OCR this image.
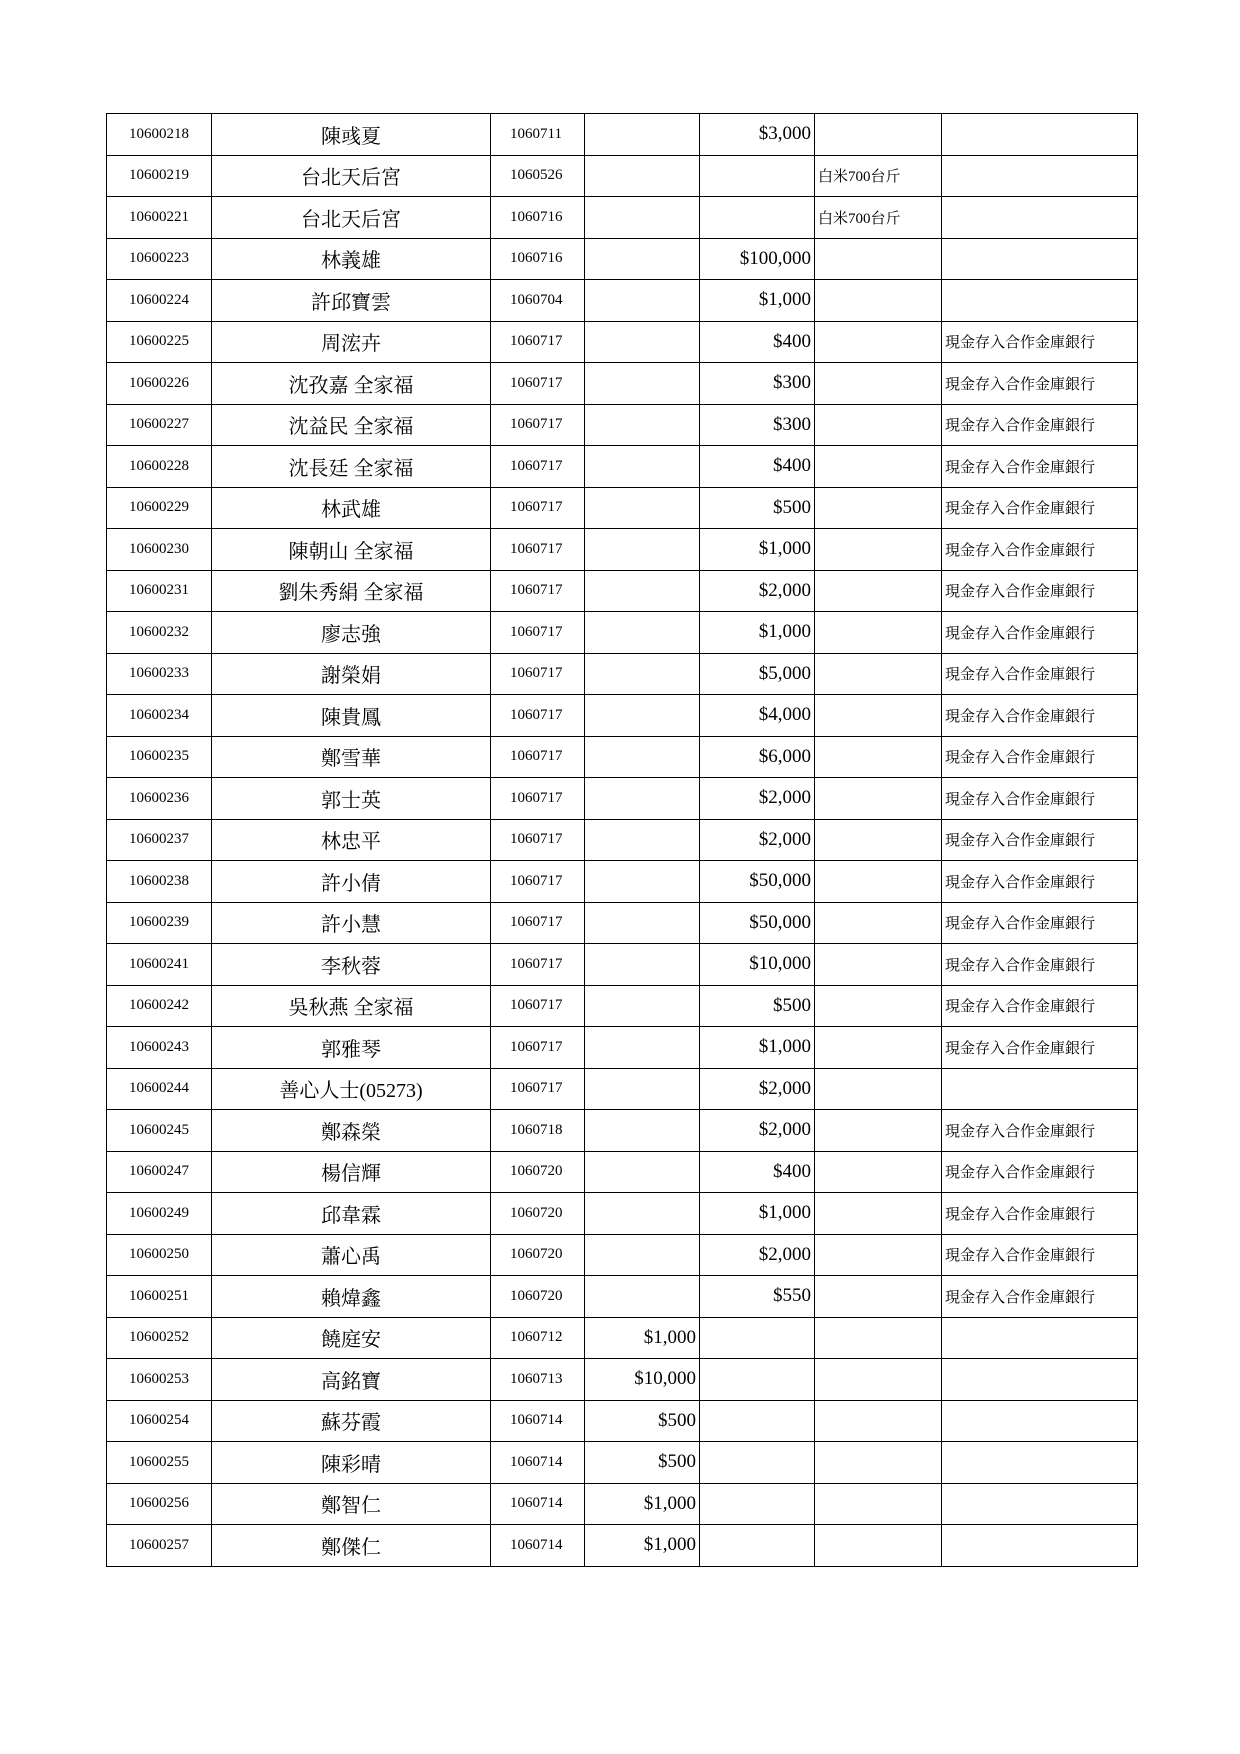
10600218	陳彧夏	1060711		$3,000		
10600219	台北天后宮	1060526			白米700台斤	
10600221	台北天后宮	1060716			白米700台斤	
10600223	林義雄	1060716		$100,000		
10600224	許邱寶雲	1060704		$1,000		
10600225	周浤卉	1060717		$400		現金存入合作金庫銀行
10600226	沈孜嘉 全家福	1060717		$300		現金存入合作金庫銀行
10600227	沈益民 全家福	1060717		$300		現金存入合作金庫銀行
10600228	沈長廷 全家福	1060717		$400		現金存入合作金庫銀行
10600229	林武雄	1060717		$500		現金存入合作金庫銀行
10600230	陳朝山 全家福	1060717		$1,000		現金存入合作金庫銀行
10600231	劉朱秀絹 全家福	1060717		$2,000		現金存入合作金庫銀行
10600232	廖志強	1060717		$1,000		現金存入合作金庫銀行
10600233	謝榮娟	1060717		$5,000		現金存入合作金庫銀行
10600234	陳貴鳳	1060717		$4,000		現金存入合作金庫銀行
10600235	鄭雪華	1060717		$6,000		現金存入合作金庫銀行
10600236	郭士英	1060717		$2,000		現金存入合作金庫銀行
10600237	林忠平	1060717		$2,000		現金存入合作金庫銀行
10600238	許小倩	1060717		$50,000		現金存入合作金庫銀行
10600239	許小慧	1060717		$50,000		現金存入合作金庫銀行
10600241	李秋蓉	1060717		$10,000		現金存入合作金庫銀行
10600242	吳秋燕 全家福	1060717		$500		現金存入合作金庫銀行
10600243	郭雅琴	1060717		$1,000		現金存入合作金庫銀行
10600244	善心人士(05273)	1060717		$2,000		
10600245	鄭森榮	1060718		$2,000		現金存入合作金庫銀行
10600247	楊信輝	1060720		$400		現金存入合作金庫銀行
10600249	邱韋霖	1060720		$1,000		現金存入合作金庫銀行
10600250	蕭心禹	1060720		$2,000		現金存入合作金庫銀行
10600251	賴煒鑫	1060720		$550		現金存入合作金庫銀行
10600252	饒庭安	1060712	$1,000			
10600253	高銘寶	1060713	$10,000			
10600254	蘇芬霞	1060714	$500			
10600255	陳彩晴	1060714	$500			
10600256	鄭智仁	1060714	$1,000			
10600257	鄭傑仁	1060714	$1,000			
